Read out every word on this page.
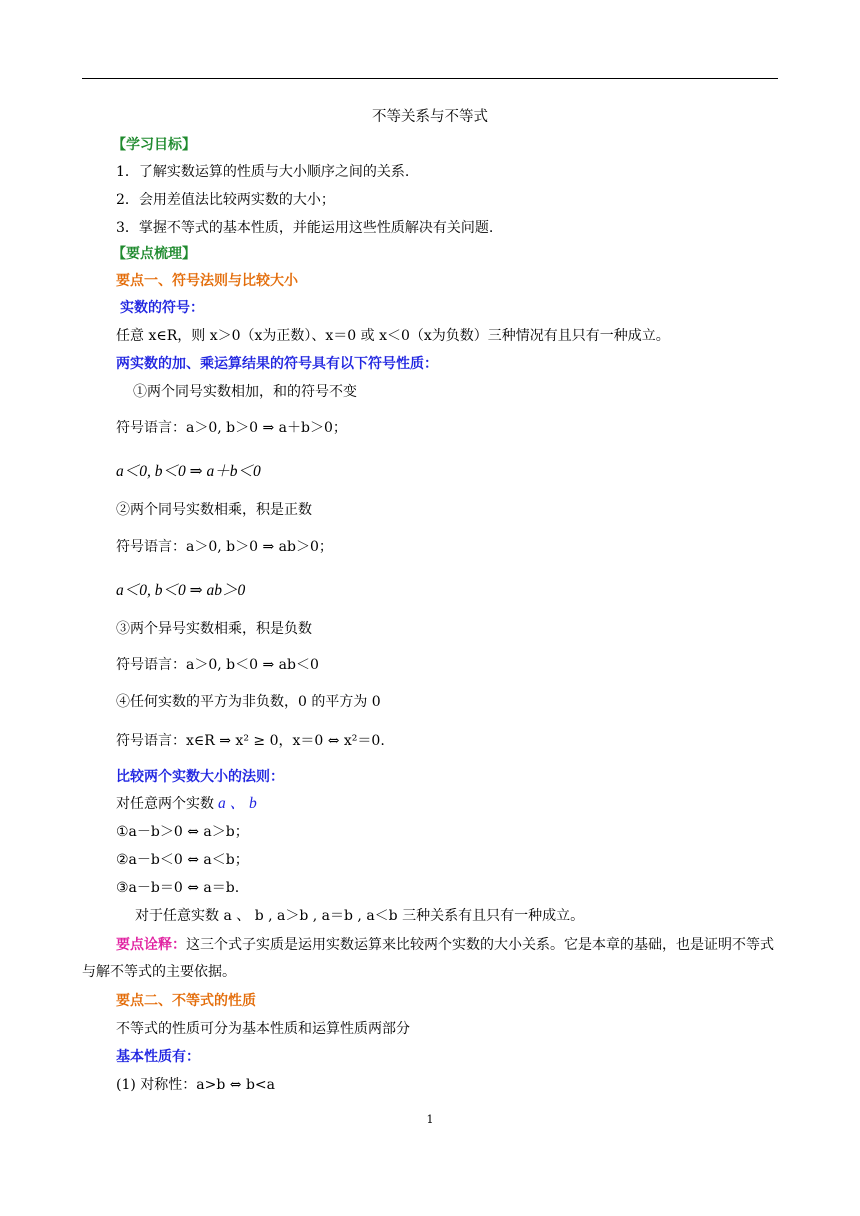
不等关系与不等式
【学习目标】
1．了解实数运算的性质与大小顺序之间的关系.
2．会用差值法比较两实数的大小；
3．掌握不等式的基本性质，并能运用这些性质解决有关问题.
【要点梳理】
要点一、符号法则与比较大小
实数的符号：
任意 x∈R，则 x＞0（x为正数）、x＝0 或 x＜0（x为负数）三种情况有且只有一种成立。
两实数的加、乘运算结果的符号具有以下符号性质：
①两个同号实数相加，和的符号不变
符号语言：a＞0, b＞0 ⇒ a＋b＞0；
a＜0, b＜0 ⇒ a＋b＜0
②两个同号实数相乘，积是正数
符号语言：a＞0, b＞0 ⇒ ab＞0；
a＜0, b＜0 ⇒ ab＞0
③两个异号实数相乘，积是负数
符号语言：a＞0, b＜0 ⇒ ab＜0
④任何实数的平方为非负数，0 的平方为 0
符号语言：x∈R ⇒ x² ≥ 0，x＝0 ⇔ x²＝0.
比较两个实数大小的法则：
对任意两个实数 a 、 b
①a－b＞0 ⇔ a＞b；
②a－b＜0 ⇔ a＜b；
③a－b＝0 ⇔ a＝b.
对于任意实数 a 、 b , a＞b , a＝b , a＜b 三种关系有且只有一种成立。
要点诠释：这三个式子实质是运用实数运算来比较两个实数的大小关系。它是本章的基础，也是证明不等式与解不等式的主要依据。
要点二、不等式的性质
不等式的性质可分为基本性质和运算性质两部分
基本性质有：
(1) 对称性：a>b ⇔ b<a
1
